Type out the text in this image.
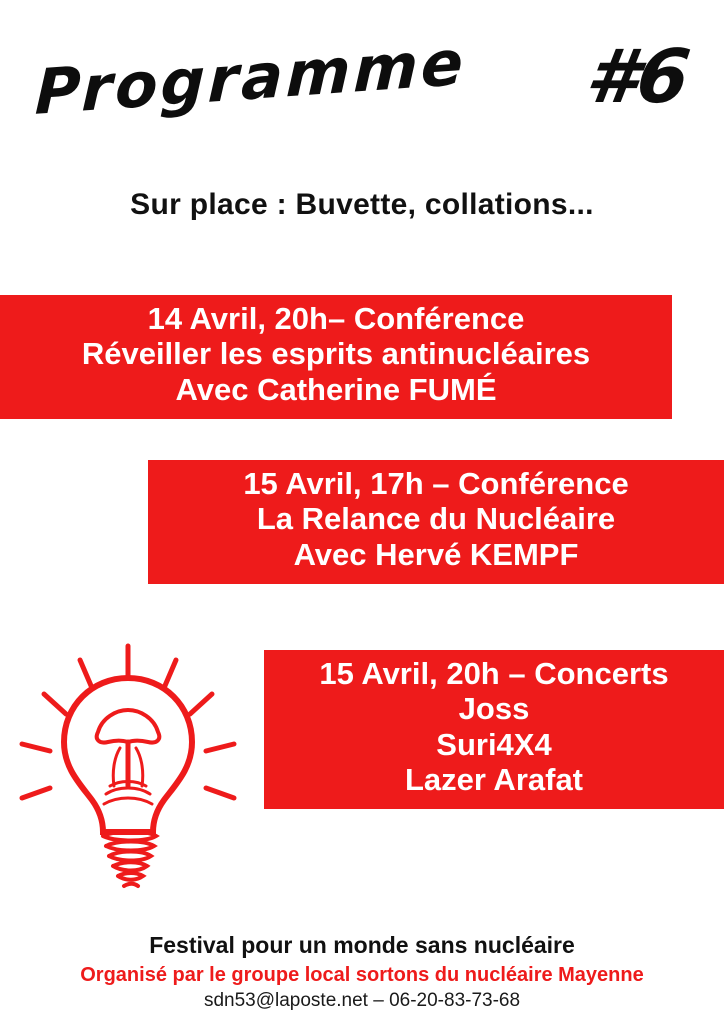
Programme #6
Sur place : Buvette, collations...
14 Avril, 20h– Conférence
Réveiller les esprits antinucléaires
Avec Catherine FUMÉ
15 Avril, 17h – Conférence
La Relance du Nucléaire
Avec Hervé KEMPF
15 Avril, 20h – Concerts
Joss
Suri4X4
Lazer Arafat
Festival pour un monde sans nucléaire
Organisé par le groupe local sortons du nucléaire Mayenne
sdn53@laposte.net – 06-20-83-73-68
